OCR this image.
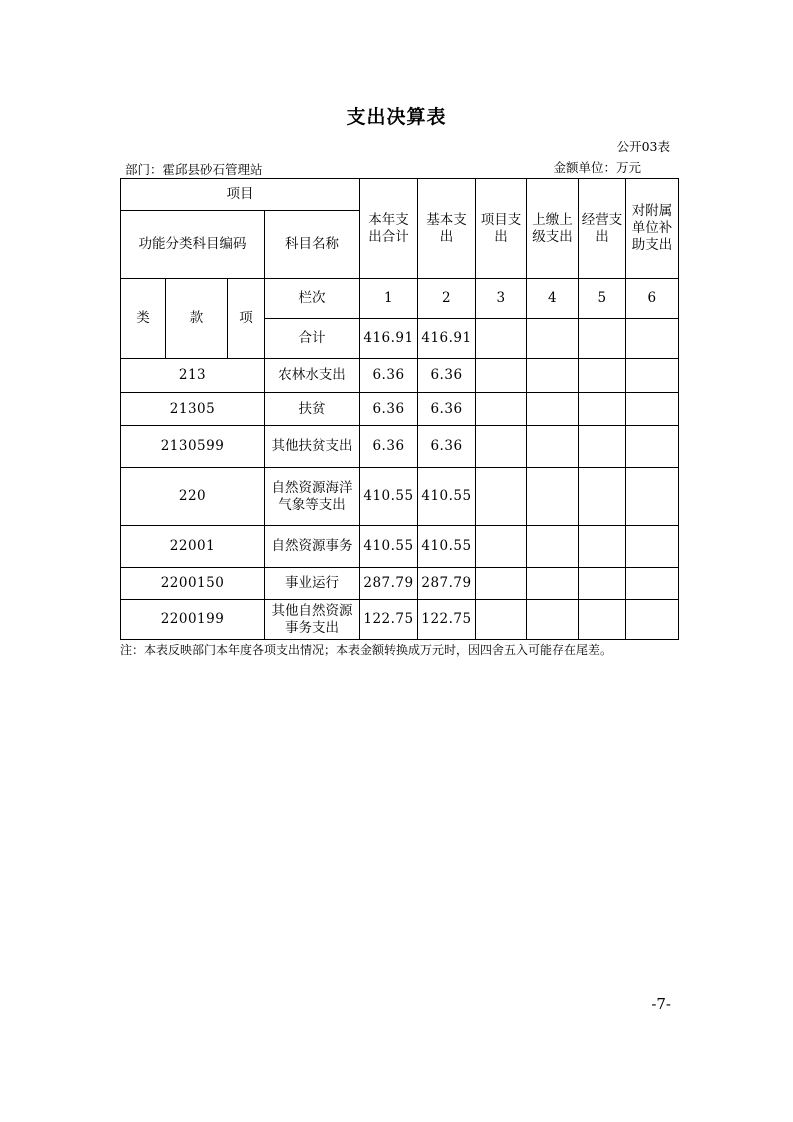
支出决算表
公开03表
部门：霍邱县砂石管理站	金额单位：万元
项目				本年支出合计	基本支出	项目支出	上缴上级支出	经营支出	对附属单位补助支出
功能分类科目编码			科目名称						
类	款	项	栏次	1	2	3	4	5	6
			合计	416.91	416.91				
213			农林水支出	6.36	6.36				
21305			扶贫	6.36	6.36				
2130599			其他扶贫支出	6.36	6.36				
220			自然资源海洋气象等支出	410.55	410.55				
22001			自然资源事务	410.55	410.55				
2200150			事业运行	287.79	287.79				
2200199			其他自然资源事务支出	122.75	122.75				
注：本表反映部门本年度各项支出情况；本表金额转换成万元时，因四舍五入可能存在尾差。
-7-
